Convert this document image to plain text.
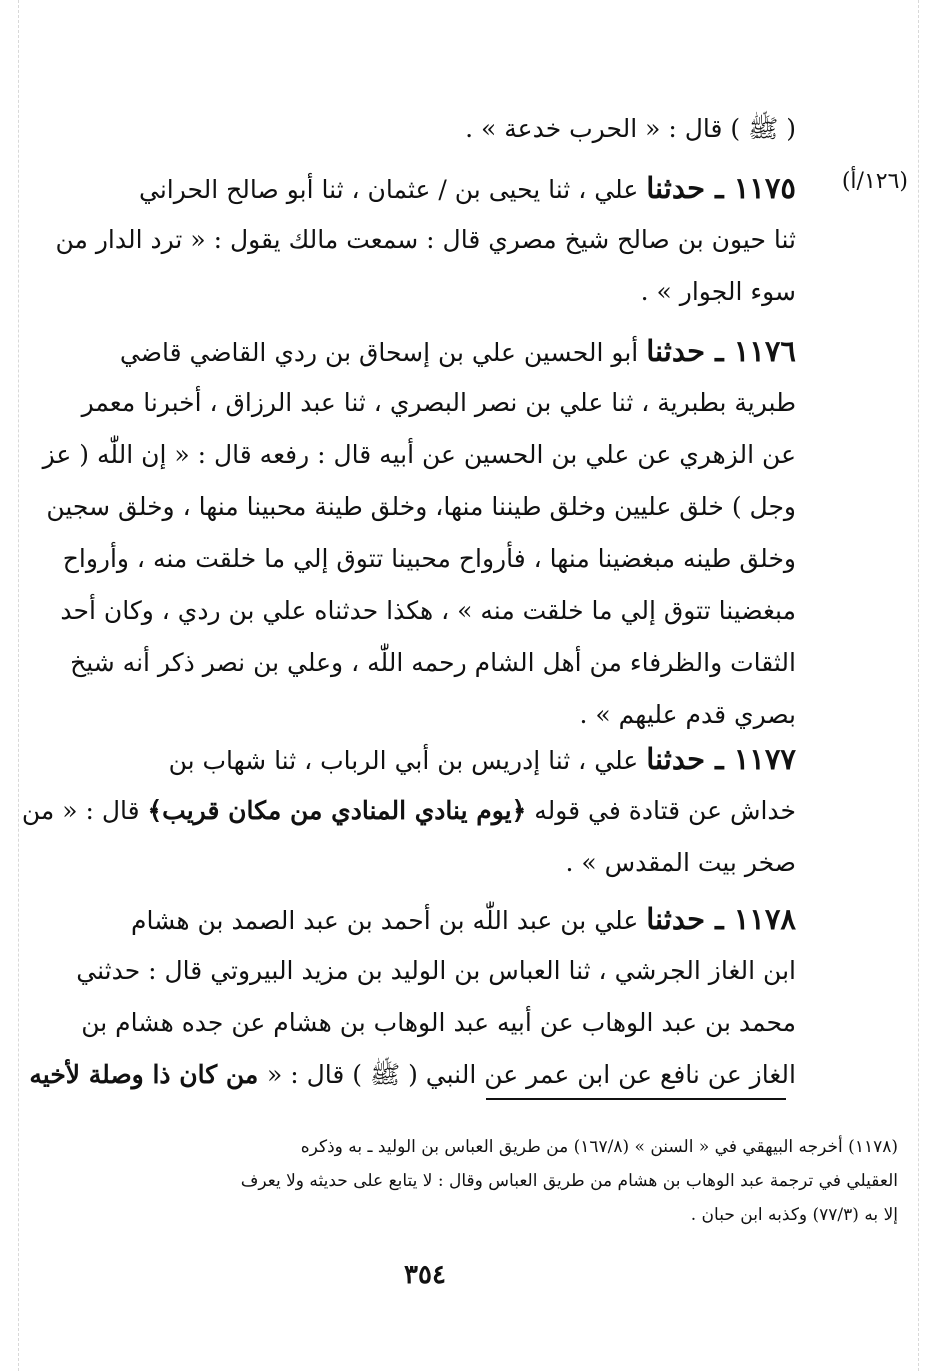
( ﷺ ) قال : « الحرب خدعة » .
(١٢٦/أ)
١١٧٥ ـ حدثنا علي ، ثنا يحيى بن / عثمان ، ثنا أبو صالح الحراني
ثنا حيون بن صالح شيخ مصري قال : سمعت مالك يقول : « ترد الدار من
سوء الجوار » .
١١٧٦ ـ حدثنا أبو الحسين علي بن إسحاق بن ردي القاضي قاضي
طبرية بطبرية ، ثنا علي بن نصر البصري ، ثنا عبد الرزاق ، أخبرنا معمر
عن الزهري عن علي بن الحسين عن أبيه قال : رفعه قال : « إن اللّٰه ( عز
وجل ) خلق عليين وخلق طيننا منها، وخلق طينة محبينا منها ، وخلق سجين
وخلق طينه مبغضينا منها ، فأرواح محبينا تتوق إلي ما خلقت منه ، وأرواح
مبغضينا تتوق إلي ما خلقت منه » ، هكذا حدثناه علي بن ردي ، وكان أحد
الثقات والظرفاء من أهل الشام رحمه اللّٰه ، وعلي بن نصر ذكر أنه شيخ
بصري قدم عليهم » .
١١٧٧ ـ حدثنا علي ، ثنا إدريس بن أبي الرباب ، ثنا شهاب بن
خداش عن قتادة في قوله ﴿يوم ينادي المنادي من مكان قريب﴾ قال : « من
صخر بيت المقدس » .
١١٧٨ ـ حدثنا علي بن عبد اللّٰه بن أحمد بن عبد الصمد بن هشام
ابن الغاز الجرشي ، ثنا العباس بن الوليد بن مزيد البيروتي قال : حدثني
محمد بن عبد الوهاب عن أبيه عبد الوهاب بن هشام عن جده هشام بن
الغاز عن نافع عن ابن عمر عن النبي ( ﷺ ) قال : « من كان ذا وصلة لأخيه
(١١٧٨) أخرجه البيهقي في « السنن » (١٦٧/٨) من طريق العباس بن الوليد ـ به وذكره
العقيلي في ترجمة عبد الوهاب بن هشام من طريق العباس وقال : لا يتابع على حديثه ولا يعرف
إلا به (٧٧/٣) وكذبه ابن حبان .
٣٥٤
